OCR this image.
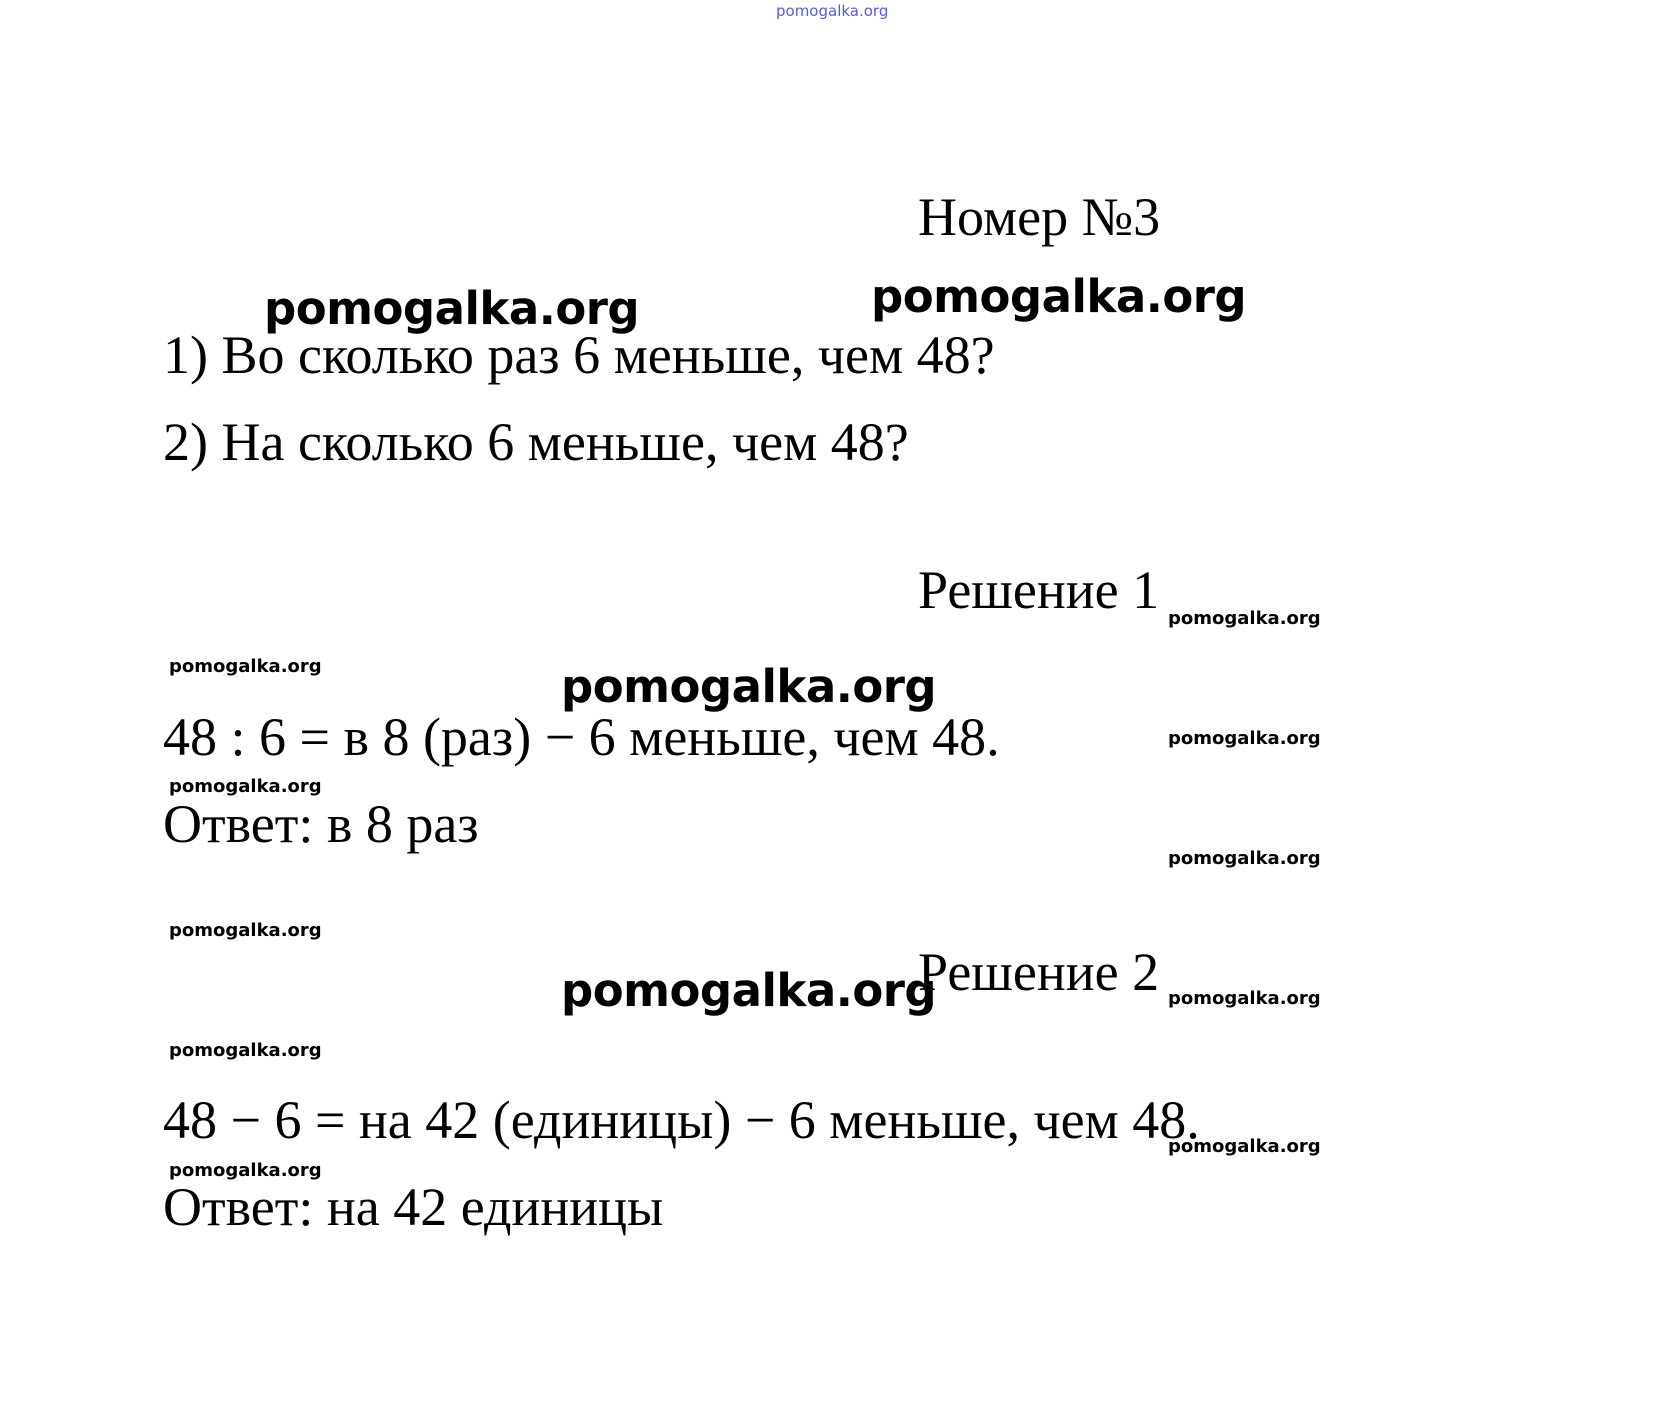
pomogalka.org
Номер №3
pomogalka.org	pomogalka.org
1) Во сколько раз 6 меньше, чем 48?
2) На сколько 6 меньше, чем 48?
Решение 1 pomogalka.org
pomogalka.org	pomogalka.org
48 : 6 = в 8 (раз) − 6 меньше, чем 48.	pomogalka.org
pomogalka.org
Ответ: в 8 раз
pomogalka.org
pomogalka.org
Решение 2
pomogalka.org	pomogalka.org
pomogalka.org
48 − 6 = на 42 (единицы) − 6 меньше, чем 48.
pomogalka.org
pomogalka.org
Ответ: на 42 единицы
